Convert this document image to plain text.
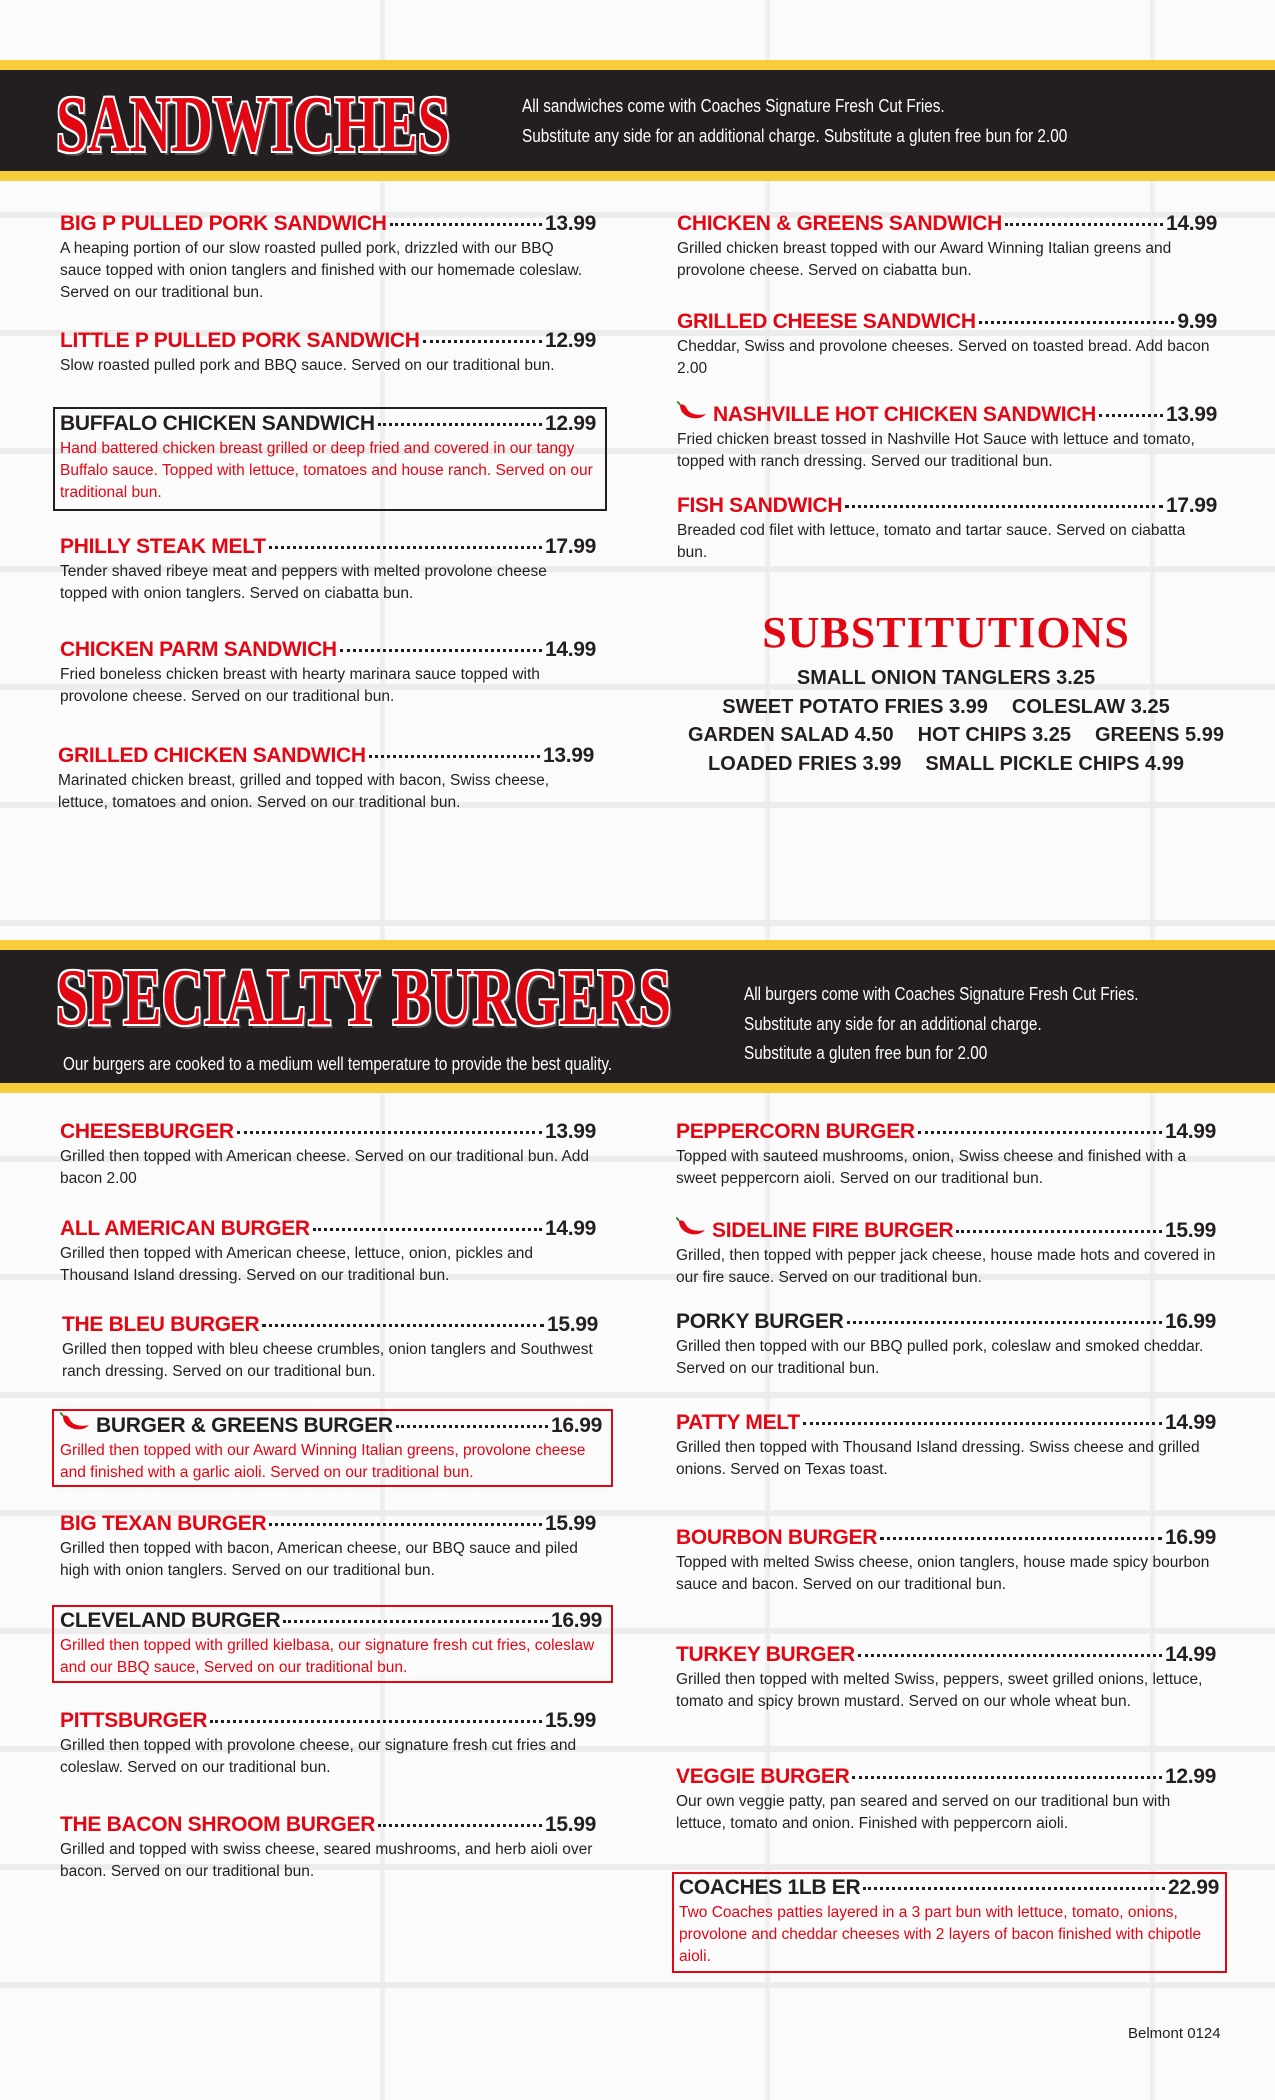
SANDWICHES	All sandwiches come with Coaches Signature Fresh Cut Fries.
Substitute any side for an additional charge. Substitute a gluten free bun for 2.00
BIG P PULLED PORK SANDWICH	13.99
A heaping portion of our slow roasted pulled pork, drizzled with our BBQ sauce topped with onion tanglers and finished with our homemade coleslaw. Served on our traditional bun.
LITTLE P PULLED PORK SANDWICH	12.99
Slow roasted pulled pork and BBQ sauce. Served on our traditional bun.
BUFFALO CHICKEN SANDWICH	12.99
Hand battered chicken breast grilled or deep fried and covered in our tangy Buffalo sauce. Topped with lettuce, tomatoes and house ranch. Served on our traditional bun.
PHILLY STEAK MELT	17.99
Tender shaved ribeye meat and peppers with melted provolone cheese topped with onion tanglers. Served on ciabatta bun.
CHICKEN PARM SANDWICH	14.99
Fried boneless chicken breast with hearty marinara sauce topped with provolone cheese. Served on our traditional bun.
GRILLED CHICKEN SANDWICH	13.99
Marinated chicken breast, grilled and topped with bacon, Swiss cheese, lettuce, tomatoes and onion. Served on our traditional bun.
CHICKEN & GREENS SANDWICH	14.99
Grilled chicken breast topped with our Award Winning Italian greens and provolone cheese. Served on ciabatta bun.
GRILLED CHEESE SANDWICH	9.99
Cheddar, Swiss and provolone cheeses. Served on toasted bread. Add bacon 2.00
NASHVILLE HOT CHICKEN SANDWICH	13.99
Fried chicken breast tossed in Nashville Hot Sauce with lettuce and tomato, topped with ranch dressing. Served our traditional bun.
FISH SANDWICH	17.99
Breaded cod filet with lettuce, tomato and tartar sauce. Served on ciabatta bun.
SUBSTITUTIONS
SMALL ONION TANGLERS 3.25
SWEET POTATO FRIES 3.99 COLESLAW 3.25
GARDEN SALAD 4.50 HOT CHIPS 3.25 GREENS 5.99
LOADED FRIES 3.99 SMALL PICKLE CHIPS 4.99
SPECIALTY BURGERS
Our burgers are cooked to a medium well temperature to provide the best quality.
All burgers come with Coaches Signature Fresh Cut Fries.
Substitute any side for an additional charge.
Substitute a gluten free bun for 2.00
CHEESEBURGER	13.99
Grilled then topped with American cheese. Served on our traditional bun. Add bacon 2.00
ALL AMERICAN BURGER	14.99
Grilled then topped with American cheese, lettuce, onion, pickles and Thousand Island dressing. Served on our traditional bun.
THE BLEU BURGER	15.99
Grilled then topped with bleu cheese crumbles, onion tanglers and Southwest ranch dressing. Served on our traditional bun.
BURGER & GREENS BURGER	16.99
Grilled then topped with our Award Winning Italian greens, provolone cheese and finished with a garlic aioli. Served on our traditional bun.
BIG TEXAN BURGER	15.99
Grilled then topped with bacon, American cheese, our BBQ sauce and piled high with onion tanglers. Served on our traditional bun.
CLEVELAND BURGER	16.99
Grilled then topped with grilled kielbasa, our signature fresh cut fries, coleslaw and our BBQ sauce, Served on our traditional bun.
PITTSBURGER	15.99
Grilled then topped with provolone cheese, our signature fresh cut fries and coleslaw. Served on our traditional bun.
THE BACON SHROOM BURGER	15.99
Grilled and topped with swiss cheese, seared mushrooms, and herb aioli over bacon. Served on our traditional bun.
PEPPERCORN BURGER	14.99
Topped with sauteed mushrooms, onion, Swiss cheese and finished with a sweet peppercorn aioli. Served on our traditional bun.
SIDELINE FIRE BURGER	15.99
Grilled, then topped with pepper jack cheese, house made hots and covered in our fire sauce. Served on our traditional bun.
PORKY BURGER	16.99
Grilled then topped with our BBQ pulled pork, coleslaw and smoked cheddar. Served on our traditional bun.
PATTY MELT	14.99
Grilled then topped with Thousand Island dressing. Swiss cheese and grilled onions. Served on Texas toast.
BOURBON BURGER	16.99
Topped with melted Swiss cheese, onion tanglers, house made spicy bourbon sauce and bacon. Served on our traditional bun.
TURKEY BURGER	14.99
Grilled then topped with melted Swiss, peppers, sweet grilled onions, lettuce, tomato and spicy brown mustard. Served on our whole wheat bun.
VEGGIE BURGER	12.99
Our own veggie patty, pan seared and served on our traditional bun with lettuce, tomato and onion. Finished with peppercorn aioli.
COACHES 1LB ER	22.99
Two Coaches patties layered in a 3 part bun with lettuce, tomato, onions, provolone and cheddar cheeses with 2 layers of bacon finished with chipotle aioli.
Belmont 0124
